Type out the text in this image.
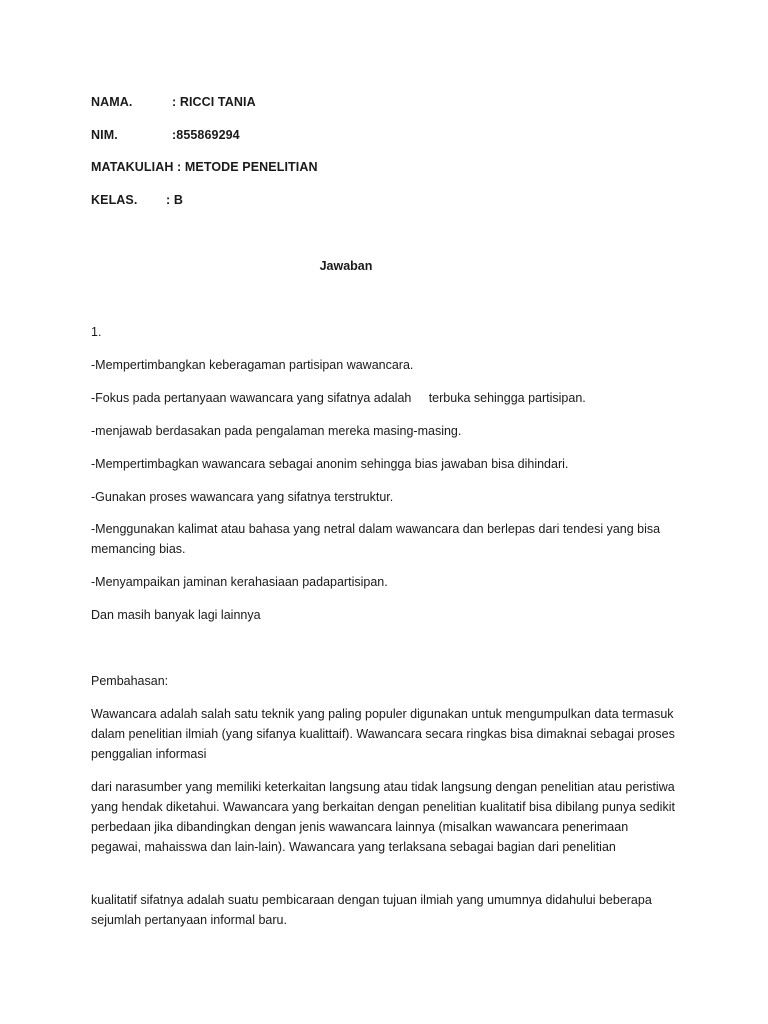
NAMA.	: RICCI TANIA
NIM.	:855869294
MATAKULIAH : METODE PENELITIAN
KELAS. : B
Jawaban
1.
-Mempertimbangkan keberagaman partisipan wawancara.
-Fokus pada pertanyaan wawancara yang sifatnya adalah     terbuka sehingga partisipan.
-menjawab berdasakan pada pengalaman mereka masing-masing.
-Mempertimbagkan wawancara sebagai anonim sehingga bias jawaban bisa dihindari.
-Gunakan proses wawancara yang sifatnya terstruktur.
-Menggunakan kalimat atau bahasa yang netral dalam wawancara dan berlepas dari tendesi yang bisa memancing bias.
-Menyampaikan jaminan kerahasiaan padapartisipan.
Dan masih banyak lagi lainnya
Pembahasan:
Wawancara adalah salah satu teknik yang paling populer digunakan untuk mengumpulkan data termasuk dalam penelitian ilmiah (yang sifanya kualittaif). Wawancara secara ringkas bisa dimaknai sebagai proses penggalian informasi
dari narasumber yang memiliki keterkaitan langsung atau tidak langsung dengan penelitian atau peristiwa yang hendak diketahui. Wawancara yang berkaitan dengan penelitian kualitatif bisa dibilang punya sedikit perbedaan jika dibandingkan dengan jenis wawancara lainnya (misalkan wawancara penerimaan pegawai, mahaisswa dan lain-lain). Wawancara yang terlaksana sebagai bagian dari penelitian
kualitatif sifatnya adalah suatu pembicaraan dengan tujuan ilmiah yang umumnya didahului beberapa sejumlah pertanyaan informal baru.
